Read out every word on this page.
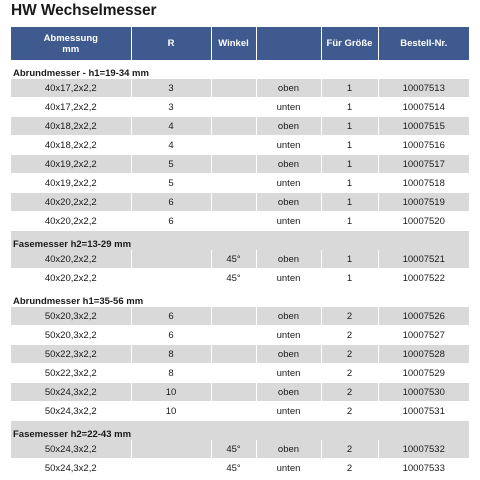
HW Wechselmesser
Abmessung
mm	R	Winkel		Für Größe	Bestell-Nr.
Abrundmesser - h1=19-34 mm					
40x17,2x2,2	3		oben	1	10007513
40x17,2x2,2	3		unten	1	10007514
40x18,2x2,2	4		oben	1	10007515
40x18,2x2,2	4		unten	1	10007516
40x19,2x2,2	5		oben	1	10007517
40x19,2x2,2	5		unten	1	10007518
40x20,2x2,2	6		oben	1	10007519
40x20,2x2,2	6		unten	1	10007520
Fasemesser h2=13-29 mm					
40x20,2x2,2		45°	oben	1	10007521
40x20,2x2,2		45°	unten	1	10007522
Abrundmesser h1=35-56 mm					
50x20,3x2,2	6		oben	2	10007526
50x20,3x2,2	6		unten	2	10007527
50x22,3x2,2	8		oben	2	10007528
50x22,3x2,2	8		unten	2	10007529
50x24,3x2,2	10		oben	2	10007530
50x24,3x2,2	10		unten	2	10007531
Fasemesser h2=22-43 mm					
50x24,3x2,2		45°	oben	2	10007532
50x24,3x2,2		45°	unten	2	10007533
